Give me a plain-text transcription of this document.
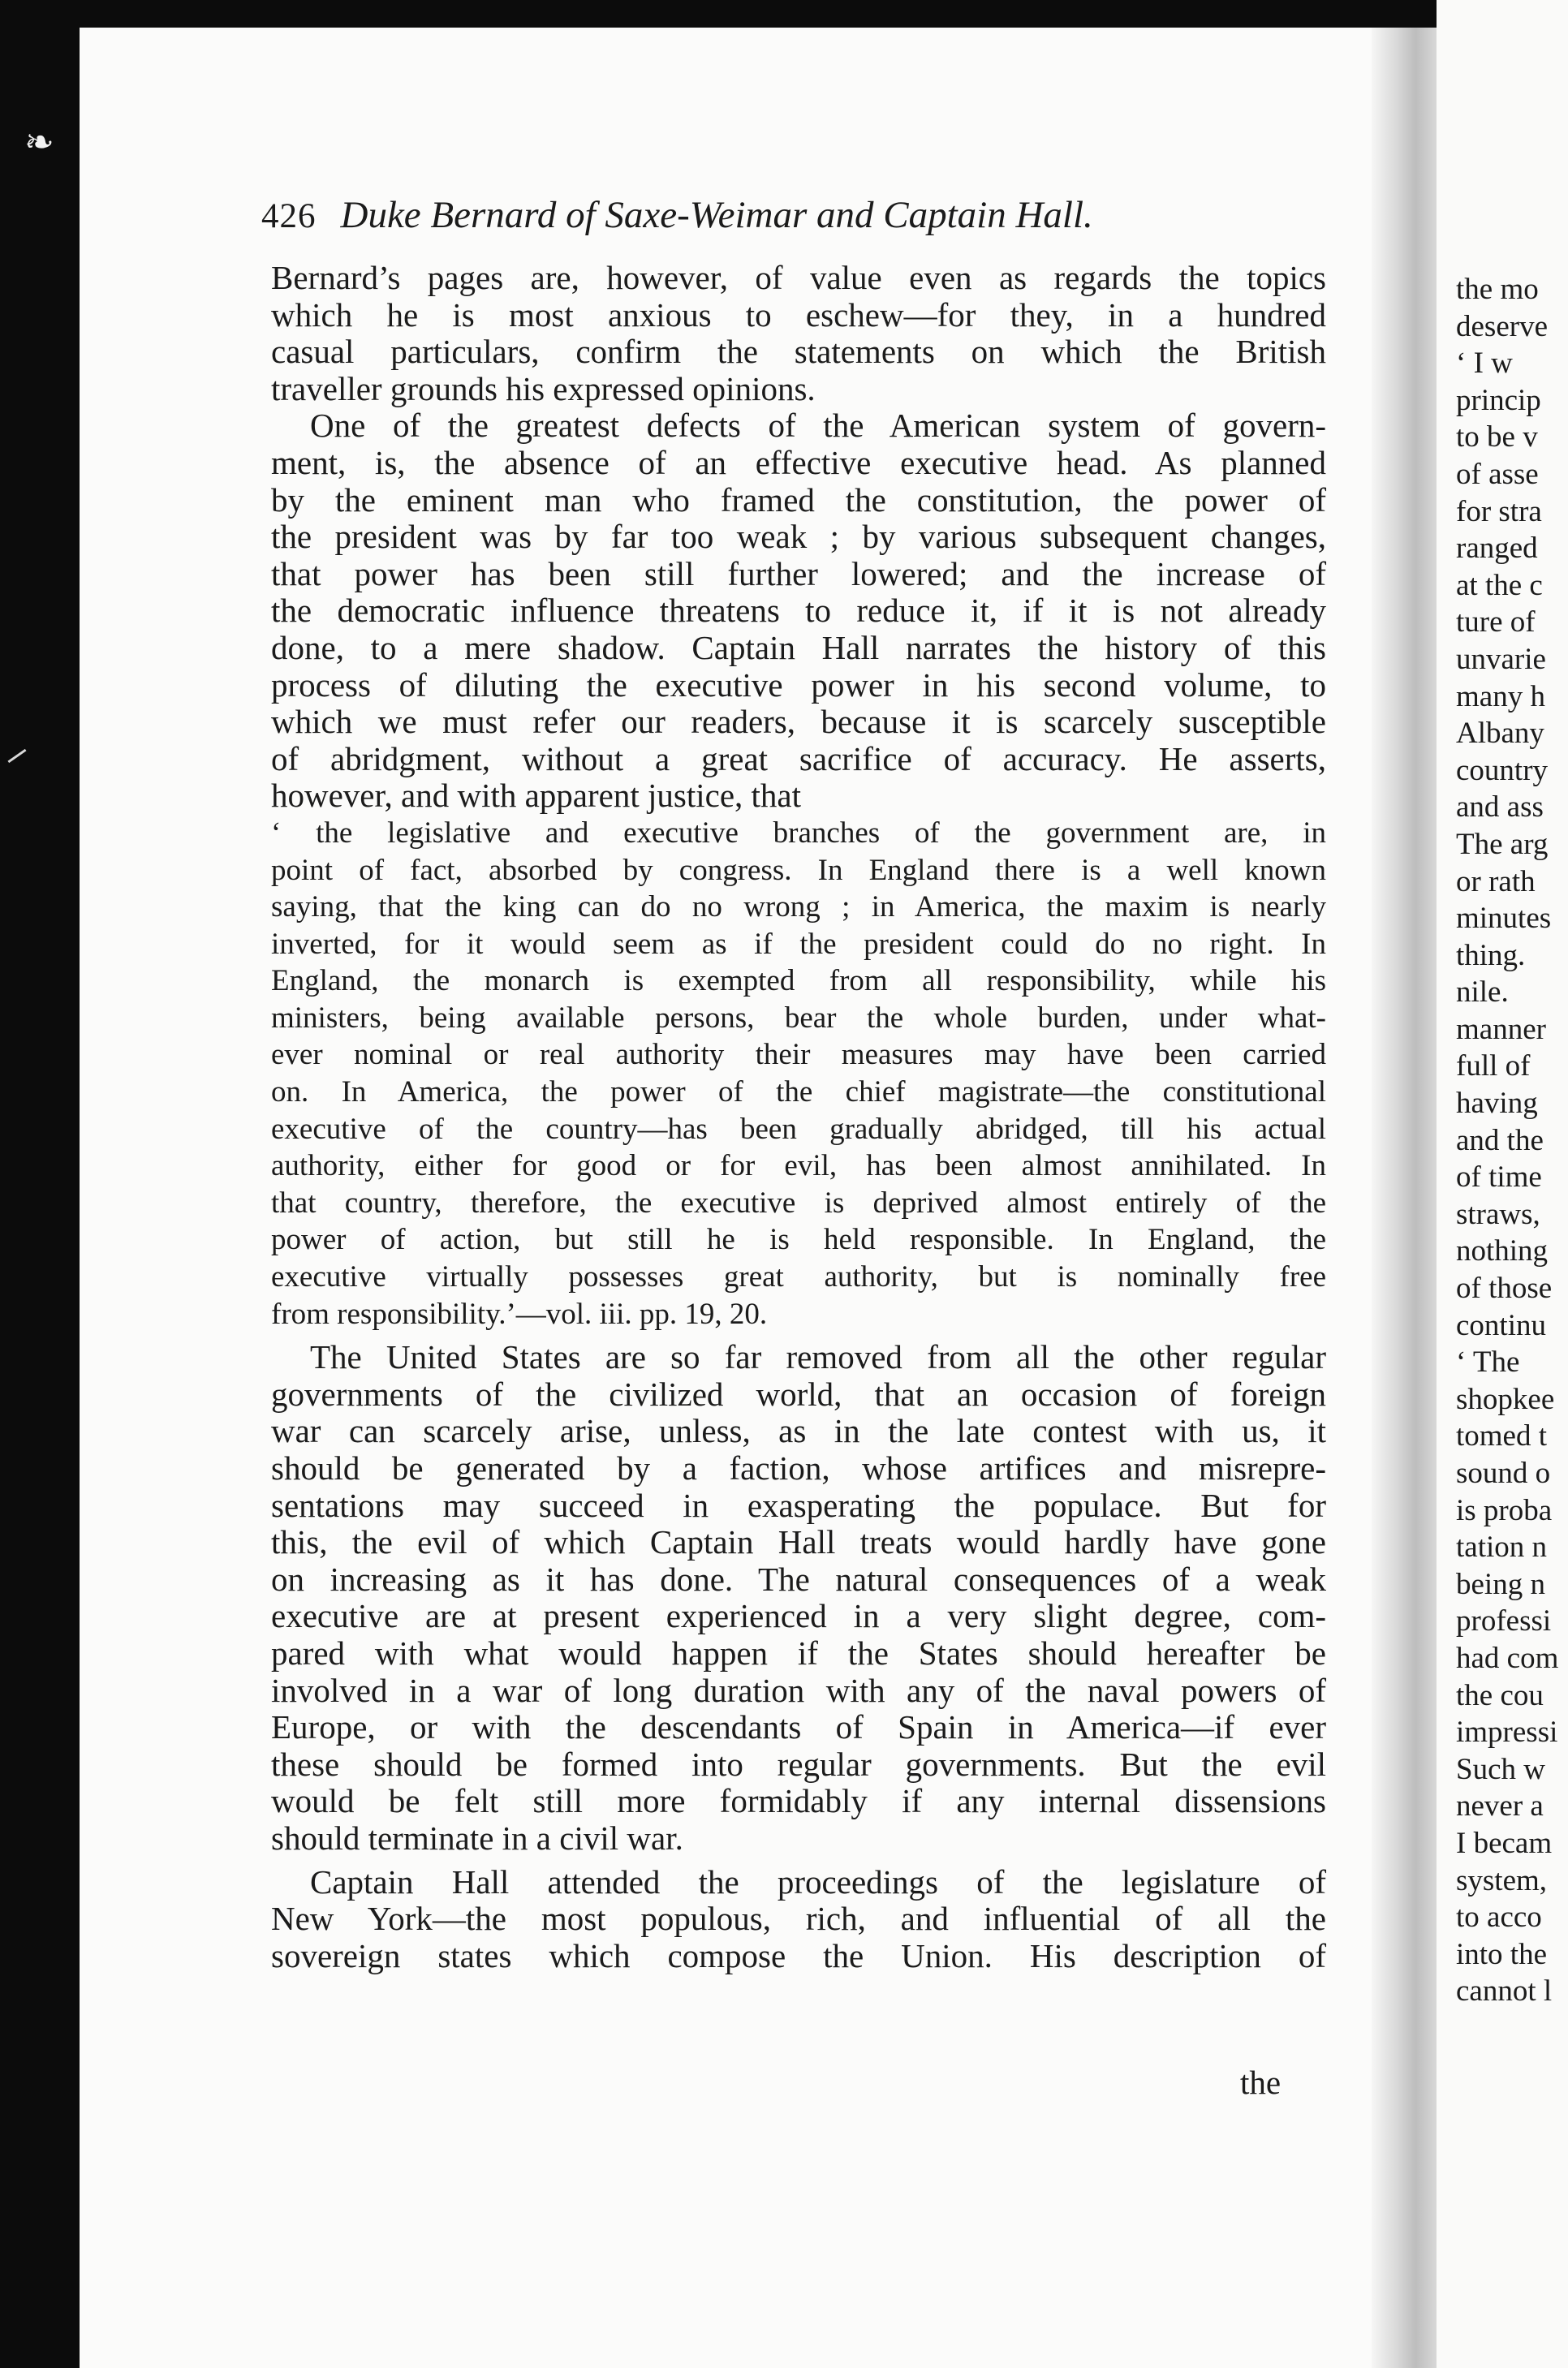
❧
426 Duke Bernard of Saxe-Weimar and Captain Hall.
Bernard’s pages are, however, of value even as regards the topics
which he is most anxious to eschew—for they, in a hundred
casual particulars, confirm the statements on which the British
traveller grounds his expressed opinions.
One of the greatest defects of the American system of govern-
ment, is, the absence of an effective executive head. As planned
by the eminent man who framed the constitution, the power of
the president was by far too weak ; by various subsequent changes,
that power has been still further lowered; and the increase of
the democratic influence threatens to reduce it, if it is not already
done, to a mere shadow. Captain Hall narrates the history of this
process of diluting the executive power in his second volume, to
which we must refer our readers, because it is scarcely susceptible
of abridgment, without a great sacrifice of accuracy. He asserts,
however, and with apparent justice, that
‘ the legislative and executive branches of the government are, in
point of fact, absorbed by congress. In England there is a well known
saying, that the king can do no wrong ; in America, the maxim is nearly
inverted, for it would seem as if the president could do no right. In
England, the monarch is exempted from all responsibility, while his
ministers, being available persons, bear the whole burden, under what-
ever nominal or real authority their measures may have been carried
on. In America, the power of the chief magistrate—the constitutional
executive of the country—has been gradually abridged, till his actual
authority, either for good or for evil, has been almost annihilated. In
that country, therefore, the executive is deprived almost entirely of the
power of action, but still he is held responsible. In England, the
executive virtually possesses great authority, but is nominally free
from responsibility.’—vol. iii. pp. 19, 20.
The United States are so far removed from all the other regular
governments of the civilized world, that an occasion of foreign
war can scarcely arise, unless, as in the late contest with us, it
should be generated by a faction, whose artifices and misrepre-
sentations may succeed in exasperating the populace. But for
this, the evil of which Captain Hall treats would hardly have gone
on increasing as it has done. The natural consequences of a weak
executive are at present experienced in a very slight degree, com-
pared with what would happen if the States should hereafter be
involved in a war of long duration with any of the naval powers of
Europe, or with the descendants of Spain in America—if ever
these should be formed into regular governments. But the evil
would be felt still more formidably if any internal dissensions
should terminate in a civil war.
Captain Hall attended the proceedings of the legislature of
New York—the most populous, rich, and influential of all the
sovereign states which compose the Union. His description of
the
the mo
deserve
‘ I w
princip
to be v
of asse
for stra
ranged
at the c
ture of
unvarie
many h
Albany
country
and ass
The arg
or rath
minutes
thing.
nile.
manner
full of
having
and the
of time
straws,
nothing
of those
continu
‘ The
shopkee
tomed t
sound o
is proba
tation n
being n
professi
had com
the cou
impressi
Such w
never a
I becam
system,
to acco
into the
cannot l
